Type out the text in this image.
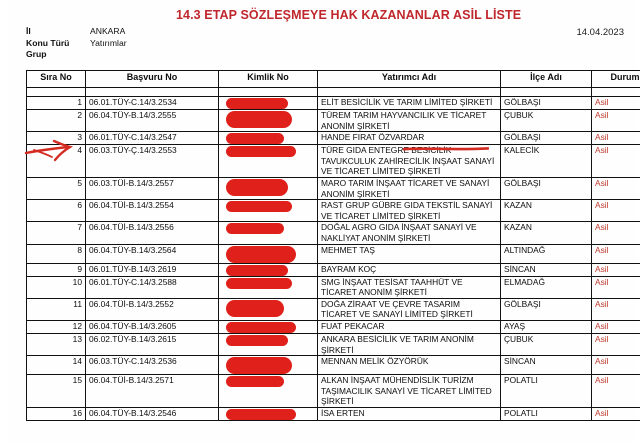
14.3 ETAP SÖZLEŞMEYE HAK KAZANANLAR ASİL LİSTE
14.04.2023
İl	ANKARA
Konu Türü	Yatırımlar
Grup
Sıra No	Başvuru No	Kimlik No	Yatırımcı Adı	İlçe Adı	Durum

1	06.01.TÜY-C.14/3.2534		ELİT BESİCİLİK VE TARIM LİMİTED ŞİRKETİ	GÖLBAŞI	Asil
2	06.04.TÜY-B.14/3.2555		TÜREM TARIM HAYVANCILIK VE TİCARET ANONİM ŞİRKETİ	ÇUBUK	Asil
3	06.01.TÜY-C.14/3.2547		HANDE FIRAT ÖZVARDAR	GÖLBAŞI	Asil
4	06.03.TÜY-Ç.14/3.2553		TÜRE GIDA ENTEGRE BESİCİLİK TAVUKCULUK ZAHİRECİLİK İNŞAAT SANAYİ VE TİCARET LİMİTED ŞİRKETİ	KALECİK	Asil
5	06.03.TÜİ-B.14/3.2557		MARO TARIM İNŞAAT TİCARET VE SANAYİ ANONİM ŞİRKETİ	GÖLBAŞI	Asil
6	06.04.TÜİ-B.14/3.2554		RAST GRUP GÜBRE GIDA TEKSTİL SANAYİ VE TİCARET LİMİTED ŞİRKETİ	KAZAN	Asil
7	06.04.TÜİ-B.14/3.2556		DOĞAL AGRO GIDA İNŞAAT SANAYİ VE NAKLİYAT ANONİM ŞİRKETİ	KAZAN	Asil
8	06.04.TÜY-B.14/3.2564		MEHMET TAŞ	ALTINDAĞ	Asil
9	06.01.TÜY-B.14/3.2619		BAYRAM KOÇ	SİNCAN	Asil
10	06.01.TÜY-C.14/3.2588		SMG İNŞAAT TESİSAT TAAHHÜT VE TİCARET ANONİM ŞİRKETİ	ELMADAĞ	Asil
11	06.04.TÜİ-B.14/3.2552		DOĞA ZİRAAT VE ÇEVRE TASARIM TİCARET VE SANAYİ LİMİTED ŞİRKETİ	GÖLBAŞI	Asil
12	06.04.TÜY-B.14/3.2605		FUAT PEKACAR	AYAŞ	Asil
13	06.02.TÜY-B.14/3.2615		ANKARA BESİCİLİK VE TARIM ANONİM ŞİRKETİ	ÇUBUK	Asil
14	06.03.TÜY-C.14/3.2536		MENNAN MELİK ÖZYÖRÜK	SİNCAN	Asil
15	06.04.TÜİ-B.14/3.2571		ALKAN İNŞAAT MÜHENDİSLİK TURİZM TAŞIMACILIK SANAYİ VE TİCARET LİMİTED ŞİRKETİ	POLATLI	Asil
16	06.04.TÜY-B.14/3.2546		İSA ERTEN	POLATLI	Asil
